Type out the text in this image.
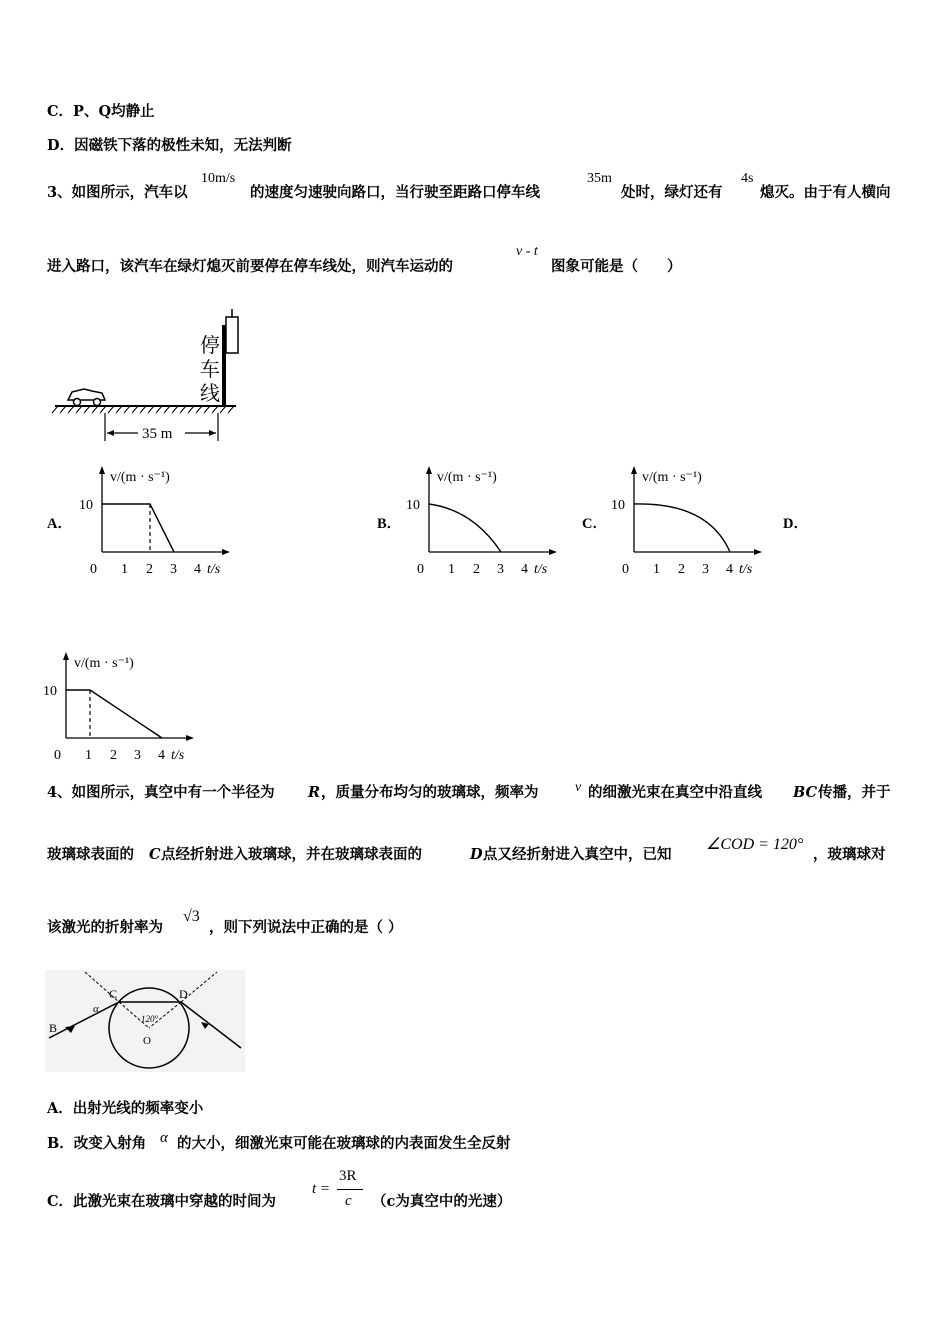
C．P、Q均静止
D．因磁铁下落的极性未知，无法判断
3、如图所示，汽车以
10m/s
的速度匀速驶向路口，当行驶至距路口停车线
35m
处时，绿灯还有
4s
熄灭。由于有人横向
进入路口，该汽车在绿灯熄灭前要停在停车线处，则汽车运动的
v - t
图象可能是（　　）
停
车
线
35 m
A．	B．	C．	D．
v/(m · s⁻¹)
10
0 1 2 3 4 t/s
v/(m · s⁻¹)
10
0 1 2 3 4 t/s
v/(m · s⁻¹)
10
0 1 2 3 4 t/s
v/(m · s⁻¹)
10
0 1 2 3 4 t/s
4、如图所示，真空中有一个半径为 R ，质量分布均匀的玻璃球，频率为	ν 的细激光束在真空中沿直线 BC 传播，并于
玻璃球表面的 C 点经折射进入玻璃球，并在玻璃球表面的	D 点又经折射进入真空中，已知
∠COD = 120°
，玻璃球对
该激光的折射率为
√3
，则下列说法中正确的是（ ）
B
C	D
O
α
120°
A．出射光线的频率变小
B．改变入射角 α 的大小，细激光束可能在玻璃球的内表面发生全反射
C．此激光束在玻璃中穿越的时间为
t =
3R
c （c为真空中的光速）
